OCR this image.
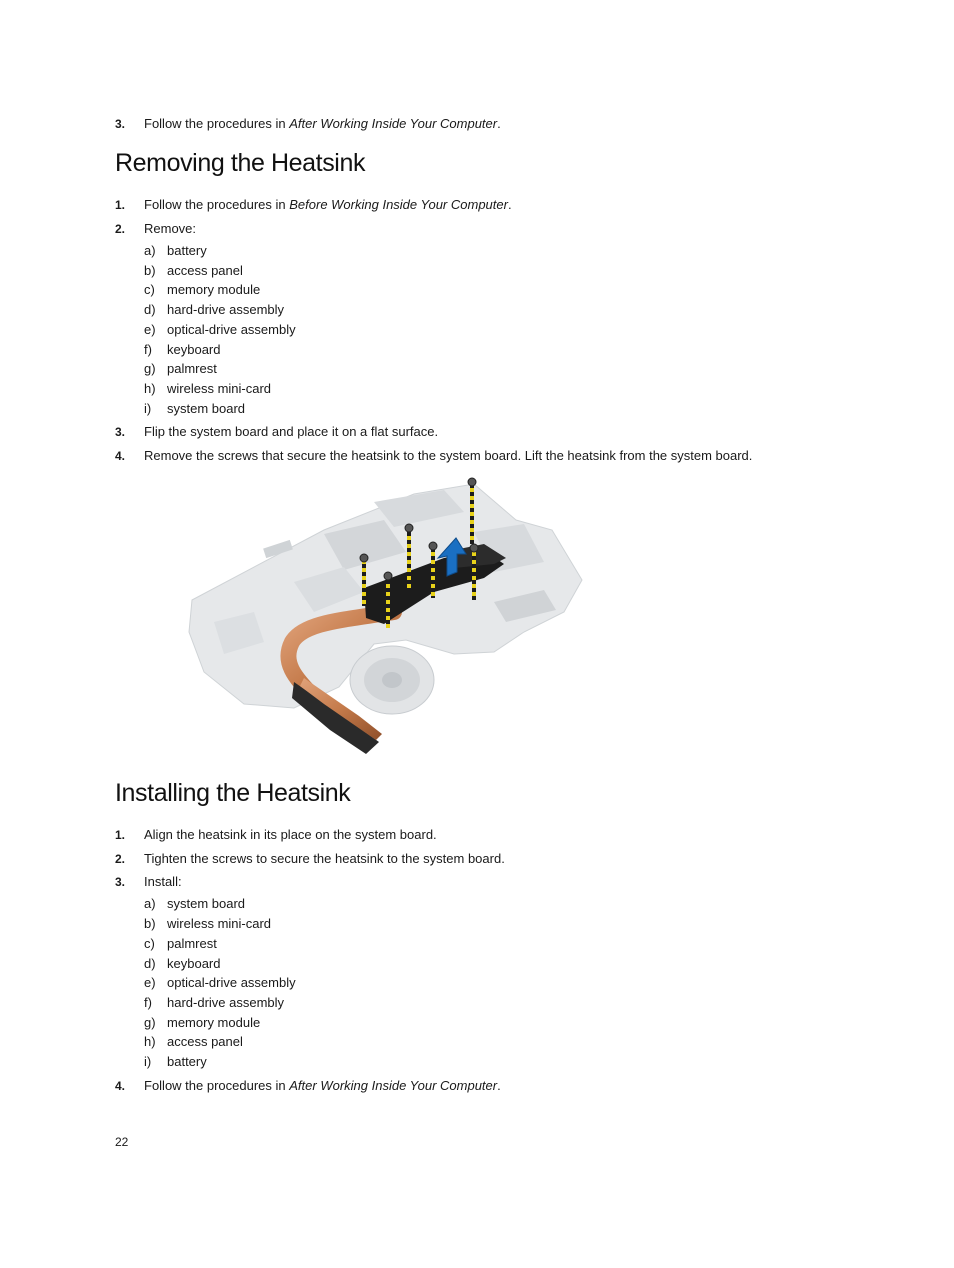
3. Follow the procedures in After Working Inside Your Computer.
Removing the Heatsink
1. Follow the procedures in Before Working Inside Your Computer.
2. Remove:
a) battery
b) access panel
c) memory module
d) hard-drive assembly
e) optical-drive assembly
f) keyboard
g) palmrest
h) wireless mini-card
i) system board
3. Flip the system board and place it on a flat surface.
4. Remove the screws that secure the heatsink to the system board. Lift the heatsink from the system board.
Installing the Heatsink
1. Align the heatsink in its place on the system board.
2. Tighten the screws to secure the heatsink to the system board.
3. Install:
a) system board
b) wireless mini-card
c) palmrest
d) keyboard
e) optical-drive assembly
f) hard-drive assembly
g) memory module
h) access panel
i) battery
4. Follow the procedures in After Working Inside Your Computer.
22
